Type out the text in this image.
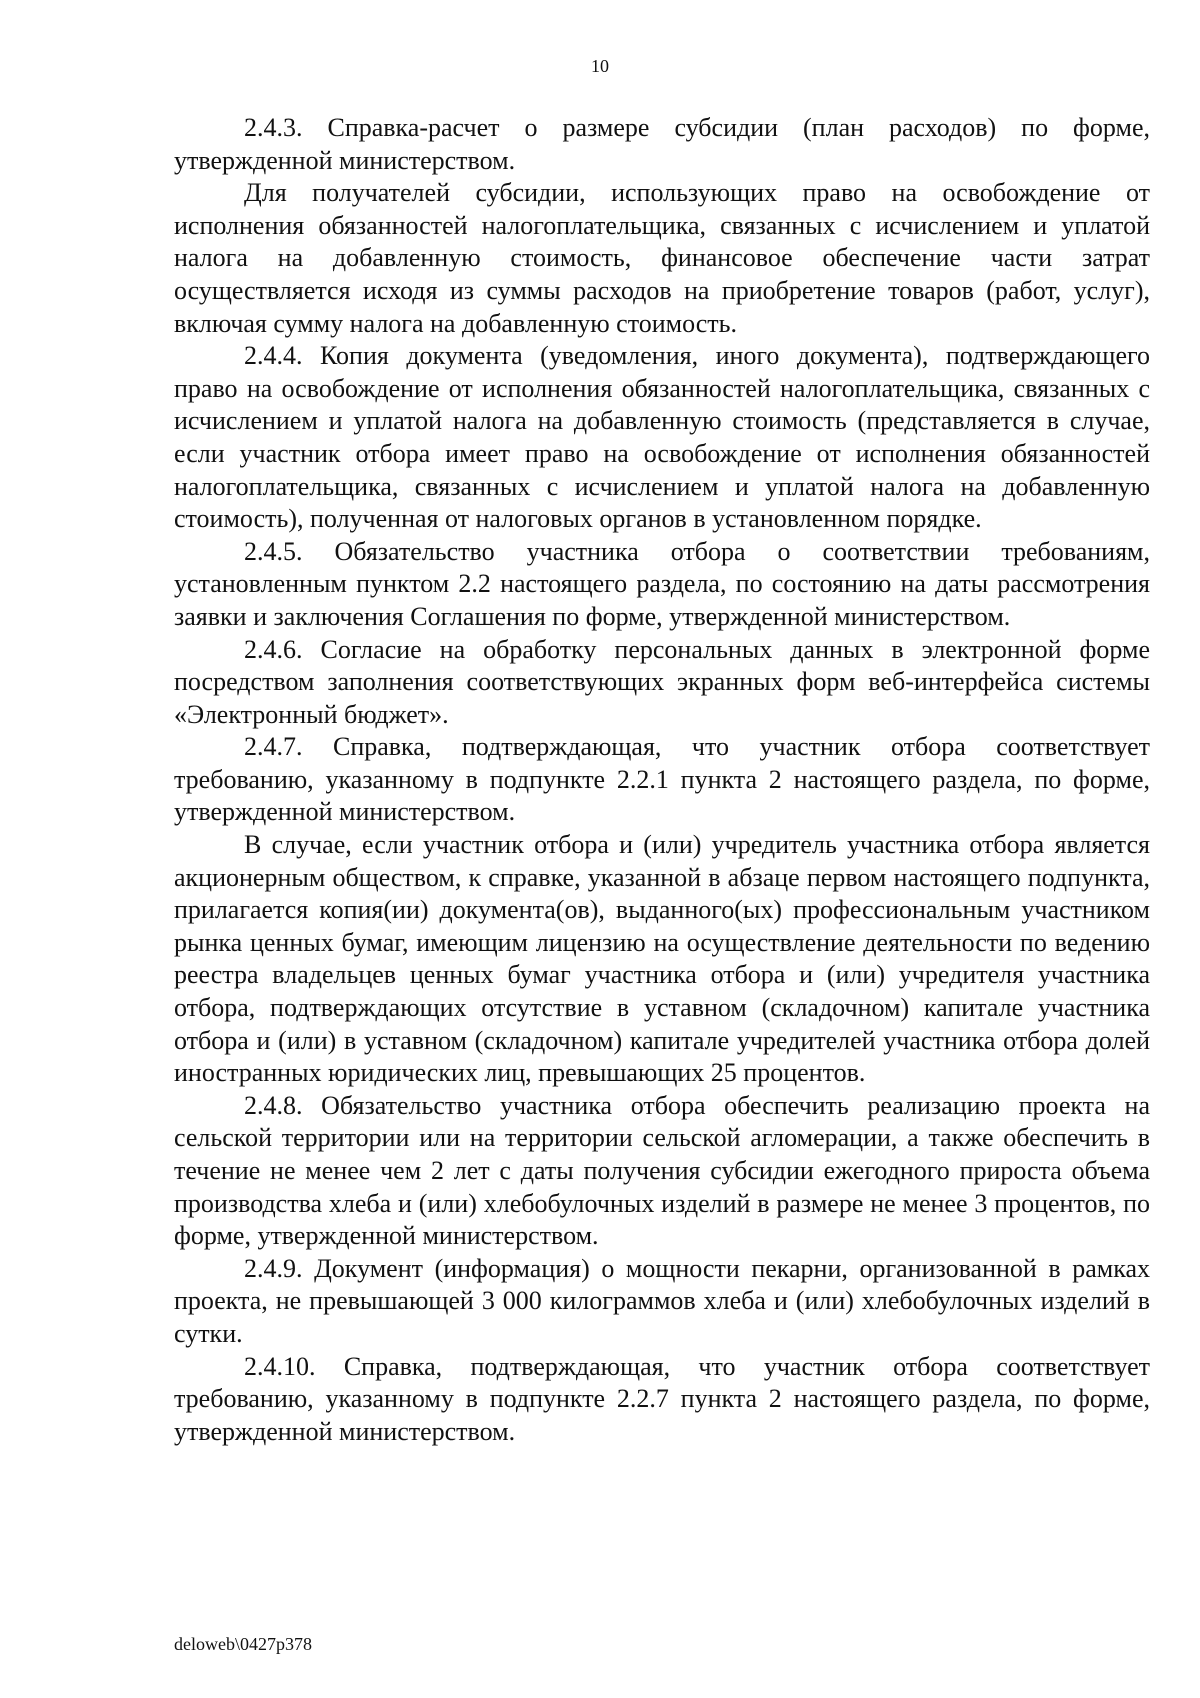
10

2.4.3. Справка-расчет о размере субсидии (план расходов) по форме, утвержденной министерством.

Для получателей субсидии, использующих право на освобождение от исполнения обязанностей налогоплательщика, связанных с исчислением и уплатой налога на добавленную стоимость, финансовое обеспечение части затрат осуществляется исходя из суммы расходов на приобретение товаров (работ, услуг), включая сумму налога на добавленную стоимость.

2.4.4. Копия документа (уведомления, иного документа), подтверждающего право на освобождение от исполнения обязанностей налогоплательщика, связанных с исчислением и уплатой налога на добавленную стоимость (представляется в случае, если участник отбора имеет право на освобождение от исполнения обязанностей налогоплательщика, связанных с исчислением и уплатой налога на добавленную стоимость), полученная от налоговых органов в установленном порядке.

2.4.5. Обязательство участника отбора о соответствии требованиям, установленным пунктом 2.2 настоящего раздела, по состоянию на даты рассмотрения заявки и заключения Соглашения по форме, утвержденной министерством.

2.4.6. Согласие на обработку персональных данных в электронной форме посредством заполнения соответствующих экранных форм веб-интерфейса системы «Электронный бюджет».

2.4.7. Справка, подтверждающая, что участник отбора соответствует требованию, указанному в подпункте 2.2.1 пункта 2 настоящего раздела, по форме, утвержденной министерством.

В случае, если участник отбора и (или) учредитель участника отбора является акционерным обществом, к справке, указанной в абзаце первом настоящего подпункта, прилагается копия(ии) документа(ов), выданного(ых) профессиональным участником рынка ценных бумаг, имеющим лицензию на осуществление деятельности по ведению реестра владельцев ценных бумаг участника отбора и (или) учредителя участника отбора, подтверждающих отсутствие в уставном (складочном) капитале участника отбора и (или) в уставном (складочном) капитале учредителей участника отбора долей иностранных юридических лиц, превышающих 25 процентов.

2.4.8. Обязательство участника отбора обеспечить реализацию проекта на сельской территории или на территории сельской агломерации, а также обеспечить в течение не менее чем 2 лет с даты получения субсидии ежегодного прироста объема производства хлеба и (или) хлебобулочных изделий в размере не менее 3 процентов, по форме, утвержденной министерством.

2.4.9. Документ (информация) о мощности пекарни, организованной в рамках проекта, не превышающей 3 000 килограммов хлеба и (или) хлебобулочных изделий в сутки.

2.4.10. Справка, подтверждающая, что участник отбора соответствует требованию, указанному в подпункте 2.2.7 пункта 2 настоящего раздела, по форме, утвержденной министерством.

deloweb\0427p378
